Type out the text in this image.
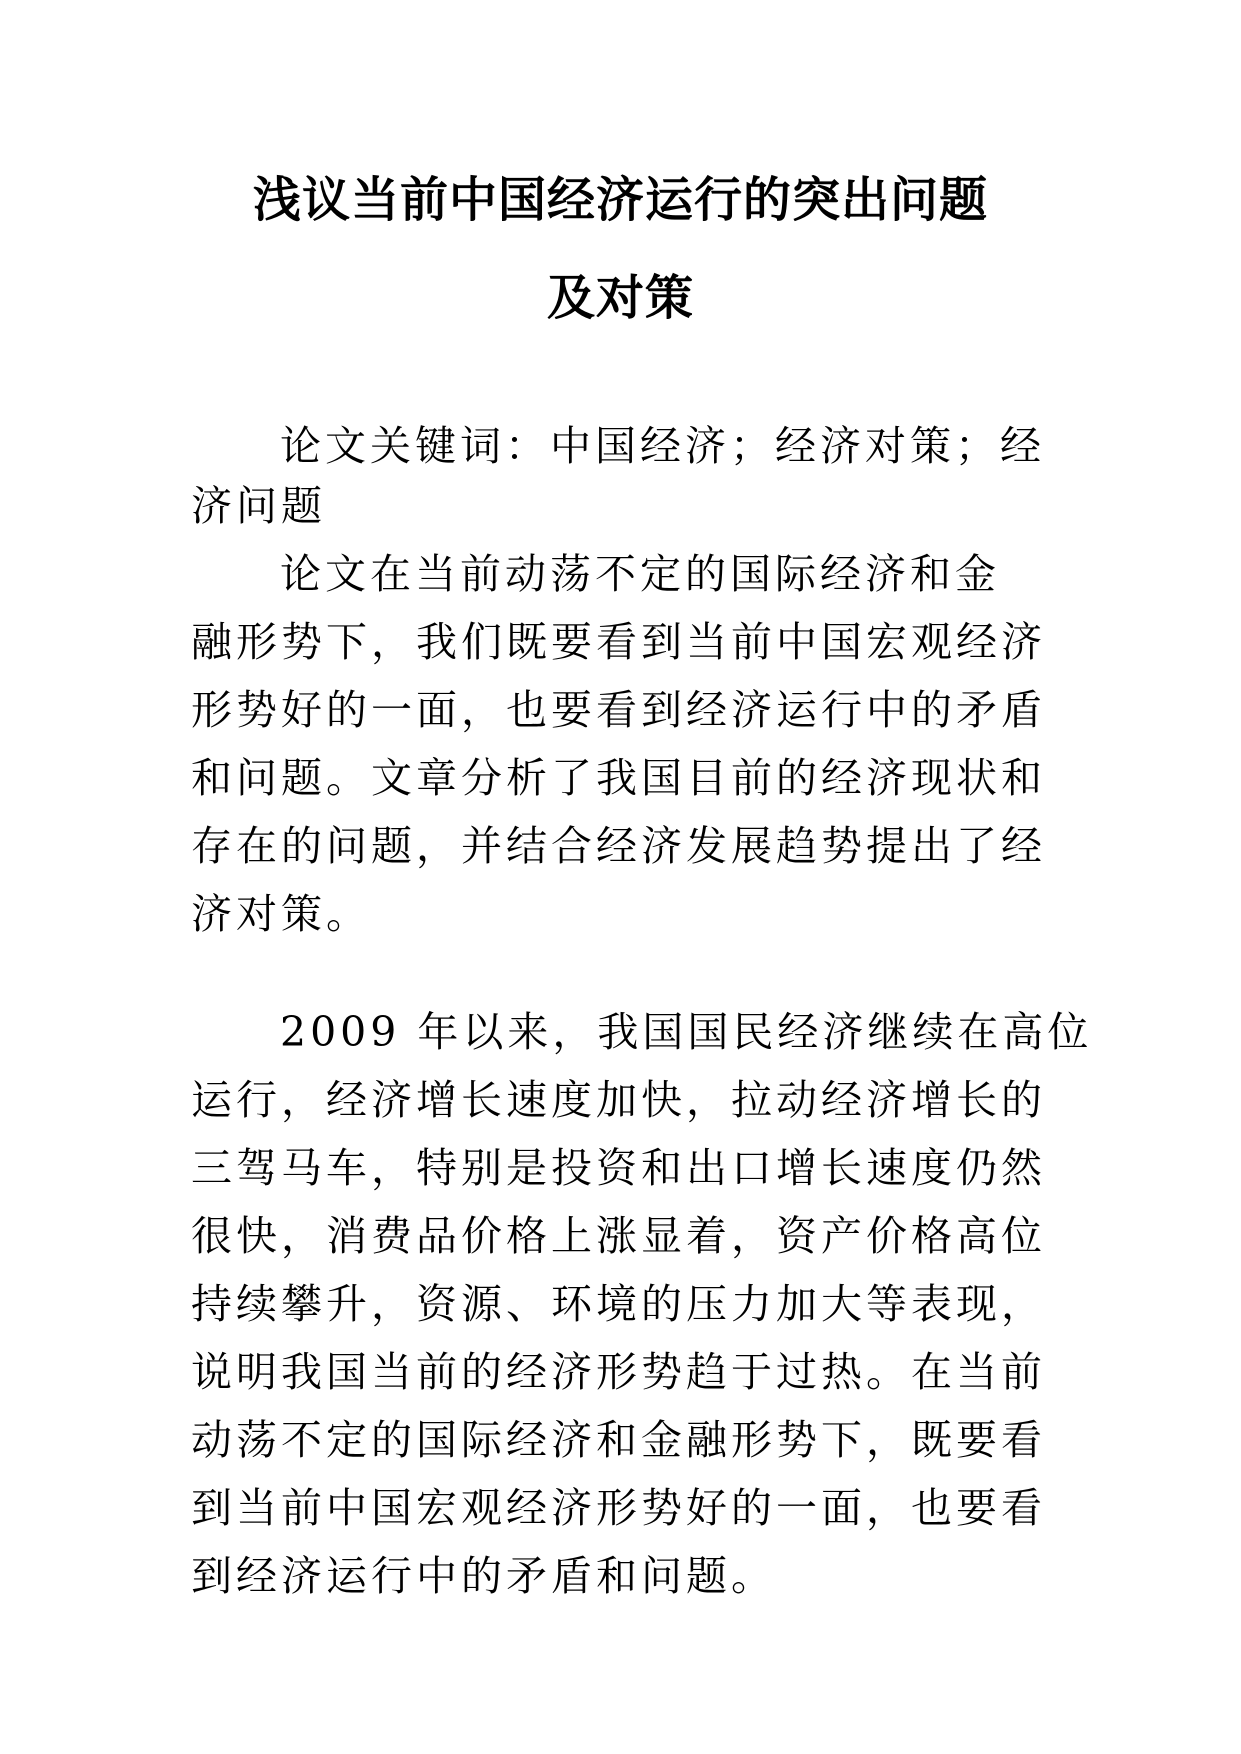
浅议当前中国经济运行的突出问题
及对策
论文关键词：中国经济；经济对策；经
济问题
论文在当前动荡不定的国际经济和金
融形势下，我们既要看到当前中国宏观经济
形势好的一面，也要看到经济运行中的矛盾
和问题。文章分析了我国目前的经济现状和
存在的问题，并结合经济发展趋势提出了经
济对策。
2009 年以来，我国国民经济继续在高位
运行，经济增长速度加快，拉动经济增长的
三驾马车，特别是投资和出口增长速度仍然
很快，消费品价格上涨显着，资产价格高位
持续攀升，资源、环境的压力加大等表现，
说明我国当前的经济形势趋于过热。在当前
动荡不定的国际经济和金融形势下，既要看
到当前中国宏观经济形势好的一面，也要看
到经济运行中的矛盾和问题。
